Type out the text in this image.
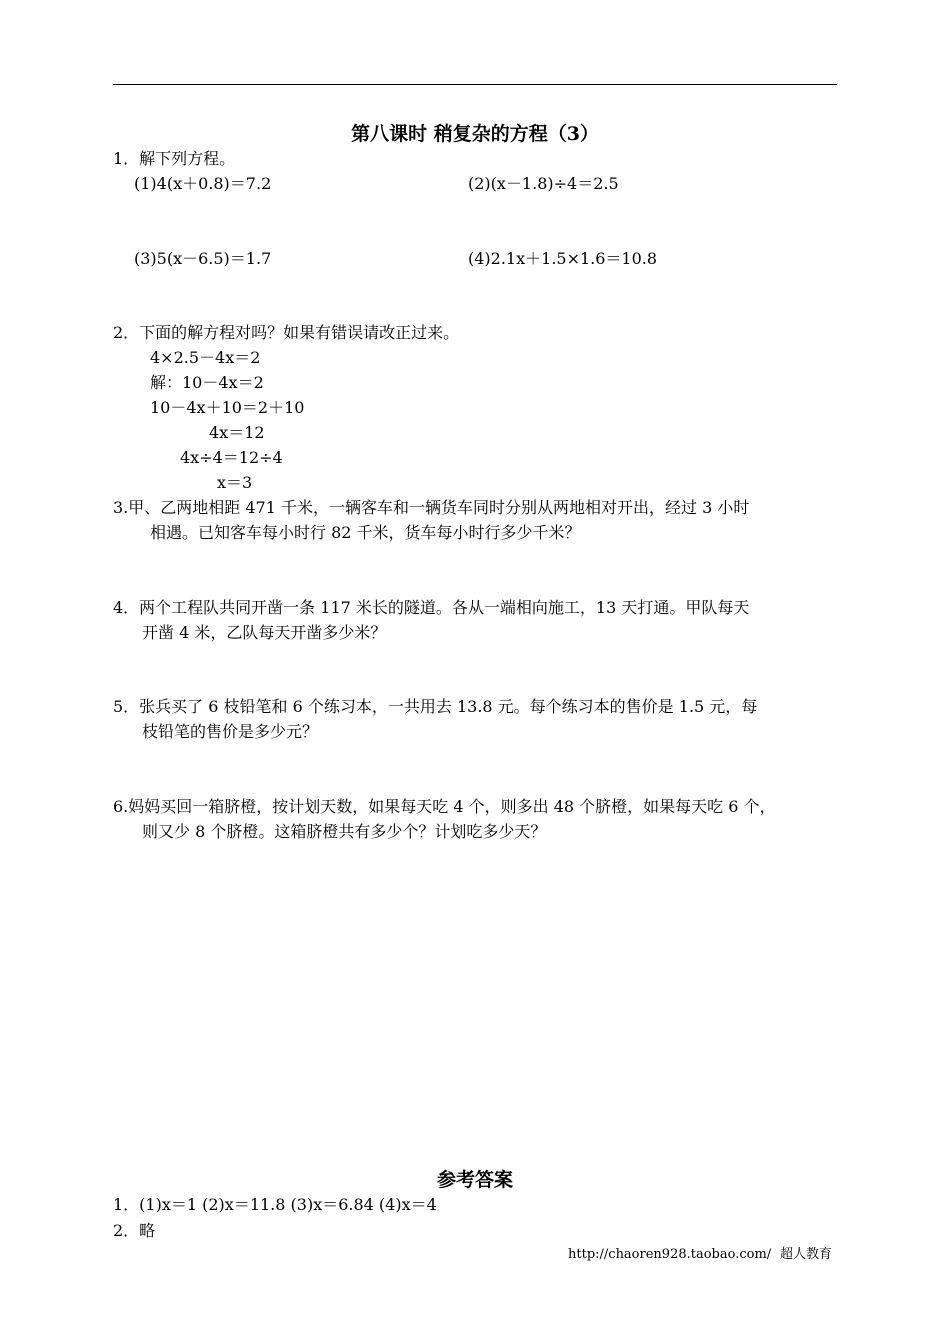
第八课时 稍复杂的方程（3）
1．解下列方程。
(1)4(x＋0.8)＝7.2	(2)(x－1.8)÷4＝2.5
(3)5(x－6.5)＝1.7	(4)2.1x＋1.5×1.6＝10.8
2．下面的解方程对吗？如果有错误请改正过来。
4×2.5－4x＝2
解：10－4x＝2
10－4x＋10＝2＋10
4x＝12
4x÷4＝12÷4
x＝3
3.甲、乙两地相距 471 千米，一辆客车和一辆货车同时分别从两地相对开出，经过 3 小时
相遇。已知客车每小时行 82 千米，货车每小时行多少千米？
4．两个工程队共同开凿一条 117 米长的隧道。各从一端相向施工，13 天打通。甲队每天
开凿 4 米，乙队每天开凿多少米？
5．张兵买了 6 枝铅笔和 6 个练习本，一共用去 13.8 元。每个练习本的售价是 1.5 元，每
枝铅笔的售价是多少元？
6.妈妈买回一箱脐橙，按计划天数，如果每天吃 4 个，则多出 48 个脐橙，如果每天吃 6 个，
则又少 8 个脐橙。这箱脐橙共有多少个？计划吃多少天？
参考答案
1．(1)x＝1 (2)x＝11.8 (3)x＝6.84 (4)x＝4
2．略
http://chaoren928.taobao.com/ 超人教育
